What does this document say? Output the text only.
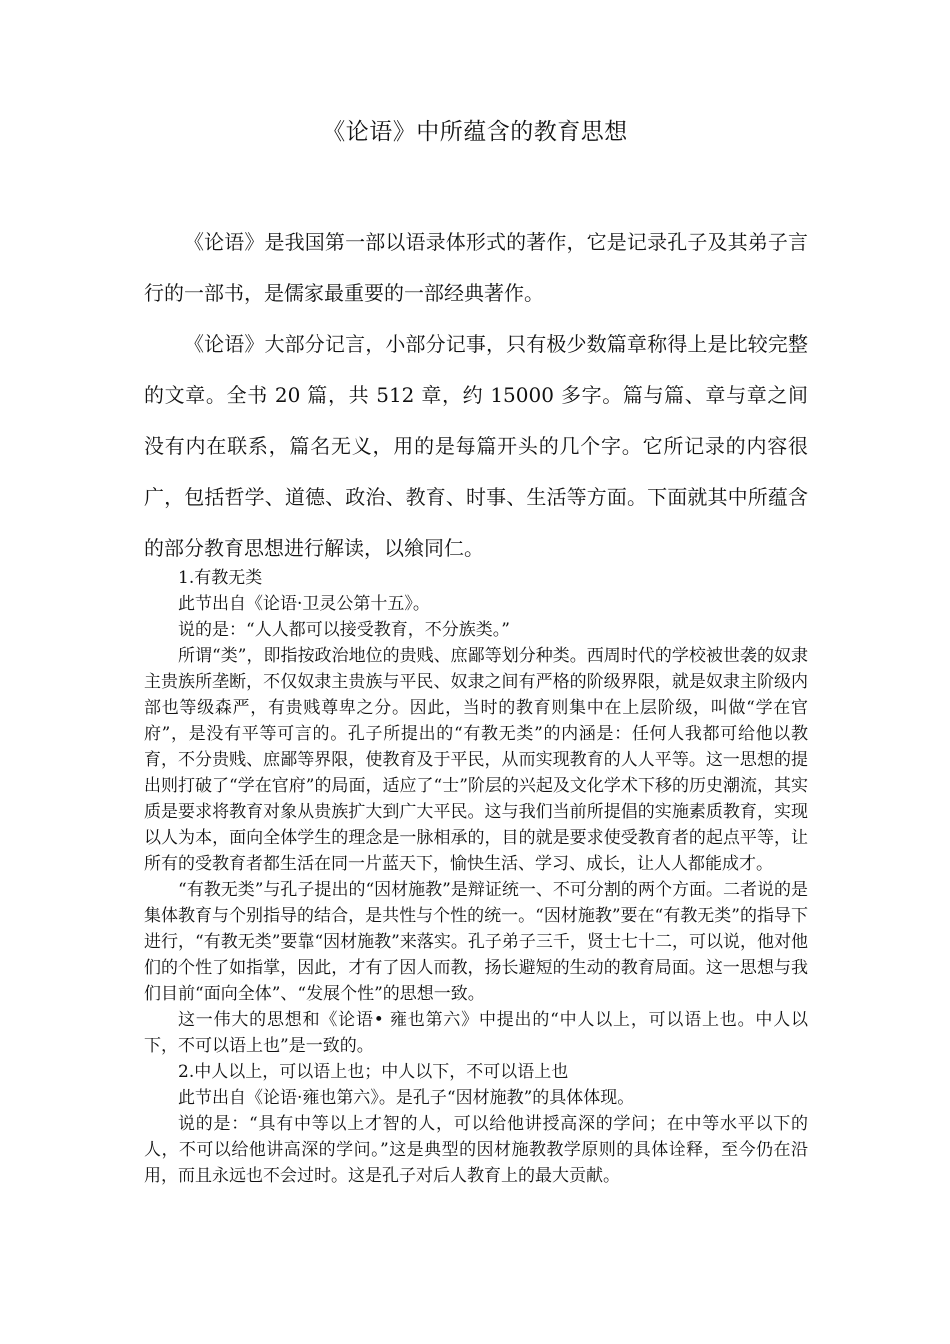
《论语》中所蕴含的教育思想

《论语》是我国第一部以语录体形式的著作，它是记录孔子及其弟子言行的一部书，是儒家最重要的一部经典著作。

《论语》大部分记言，小部分记事，只有极少数篇章称得上是比较完整的文章。全书 20 篇，共 512 章，约 15000 多字。篇与篇、章与章之间没有内在联系，篇名无义，用的是每篇开头的几个字。它所记录的内容很广，包括哲学、道德、政治、教育、时事、生活等方面。下面就其中所蕴含的部分教育思想进行解读，以飨同仁。

1.有教无类

此节出自《论语·卫灵公第十五》。

说的是：“人人都可以接受教育，不分族类。”

所谓“类”，即指按政治地位的贵贱、庶鄙等划分种类。西周时代的学校被世袭的奴隶主贵族所垄断，不仅奴隶主贵族与平民、奴隶之间有严格的阶级界限，就是奴隶主阶级内部也等级森严，有贵贱尊卑之分。因此，当时的教育则集中在上层阶级，叫做“学在官府”，是没有平等可言的。孔子所提出的“有教无类”的内涵是：任何人我都可给他以教育，不分贵贱、庶鄙等界限，使教育及于平民，从而实现教育的人人平等。这一思想的提出则打破了“学在官府”的局面，适应了“士”阶层的兴起及文化学术下移的历史潮流，其实质是要求将教育对象从贵族扩大到广大平民。这与我们当前所提倡的实施素质教育，实现以人为本，面向全体学生的理念是一脉相承的，目的就是要求使受教育者的起点平等，让所有的受教育者都生活在同一片蓝天下，愉快生活、学习、成长，让人人都能成才。

“有教无类”与孔子提出的“因材施教”是辩证统一、不可分割的两个方面。二者说的是集体教育与个别指导的结合，是共性与个性的统一。“因材施教”要在“有教无类”的指导下进行，“有教无类”要靠“因材施教”来落实。孔子弟子三千，贤士七十二，可以说，他对他们的个性了如指掌，因此，才有了因人而教，扬长避短的生动的教育局面。这一思想与我们目前“面向全体”、“发展个性”的思想一致。

这一伟大的思想和《论语• 雍也第六》中提出的“中人以上，可以语上也。中人以下，不可以语上也”是一致的。

2.中人以上，可以语上也；中人以下，不可以语上也

此节出自《论语·雍也第六》。是孔子“因材施教”的具体体现。

说的是：“具有中等以上才智的人，可以给他讲授高深的学问；在中等水平以下的人，不可以给他讲高深的学问。”这是典型的因材施教教学原则的具体诠释，至今仍在沿用，而且永远也不会过时。这是孔子对后人教育上的最大贡献。
